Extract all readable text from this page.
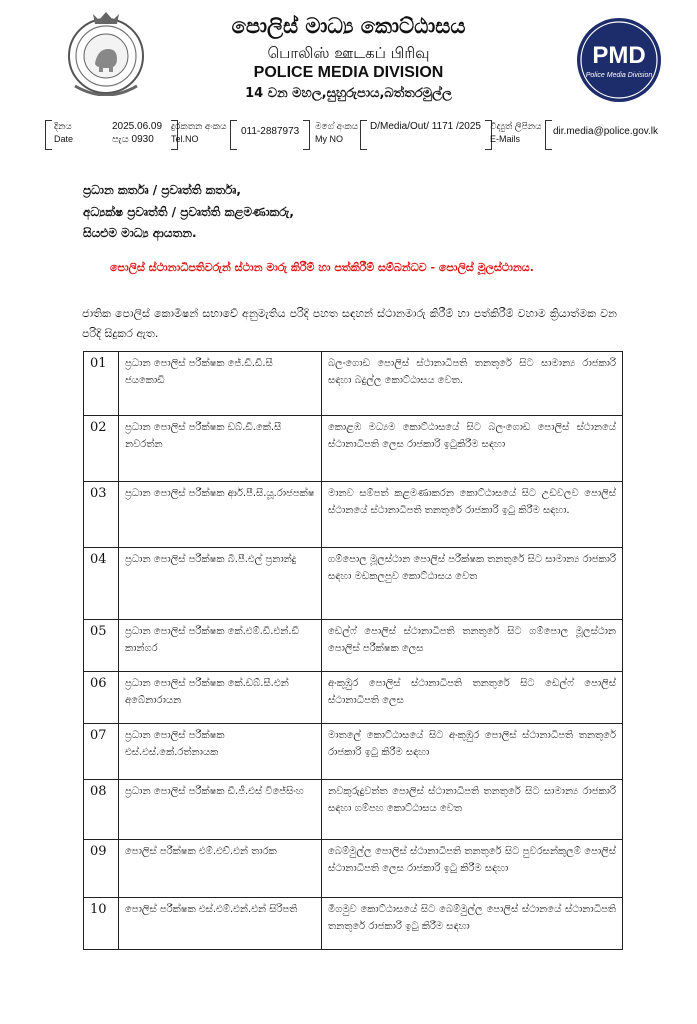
පොලිස් මාධ්‍ය කොට්ඨාසය
பொலிஸ் ஊடகப் பிரிவு
POLICE MEDIA DIVISION
14 වන මහල,සුහුරුපාය,බත්තරමුල්ල
PMD
Police Media Division
දිනය
Date
2025.06.09
පැය 0930
දුරකතන අංකය
Tel.NO
011-2887973 මගේ අංකය
My NO
D/Media/Out/ 1171 /2025 විද්‍යුත් ලිපිනය
E-Mails
dir.media@police.gov.lk
ප්‍රධාන කර්තෘ / ප්‍රවෘත්ති කර්තෘ,
අධ්‍යක්ෂ ප්‍රවෘත්ති / ප්‍රවෘත්ති කළමණාකරු,
සියළුම මාධ්‍ය ආයතන.
පොලිස් ස්ථානාධිපතිවරුන් ස්ථාන මාරු කිරීම් හා පත්කිරීම් සම්බන්ධව - පොලිස් මූලස්ථානය.
ජාතික පොලිස් කොමිෂන් සභාවේ අනුමැතිය පරිදි පහත සඳහන් ස්ථානමාරු කිරීම් හා පත්කිරීම් වහාම ක්‍රියාත්මක වන පරිදි සිදුකර ඇත.
01	ප්‍රධාන පොලිස් පරීක්ෂක ජේ.ඩී.ඩී.සී ජයකොඩි	බලංගොඩ පොලිස් ස්ථානාධිපති තනතුරේ සිට සාමාන්‍ය රාජකාරි සඳහා බදුල්ල කොට්ඨාසය වෙත.
02	ප්‍රධාන පොලිස් පරීක්ෂක ඩබ්.ඩී.කේ.සී නවරත්න	කොළඹ මධ්‍යම කොට්ඨාසයේ සිට බලංගොඩ පොලිස් ස්ථානයේ ස්ථානාධිපති ලෙස රාජකාරි ඉටුකිරීම සඳහා
03	ප්‍රධාන පොලිස් පරීක්ෂක ආර්.පී.සී.යූ.රාජපක්ෂ	මානව සම්පත් කළමණාකරන කොට්ඨාසයේ සිට උඩවලව පොලිස් ස්ථානයේ ස්ථානාධිපති තනතුරේ රාජකාරි ඉටු කිරීම සඳහා.
04	ප්‍රධාන පොලිස් පරීක්ෂක බී.පී.එල් ප්‍රනාන්දු	ගම්පොල මූලස්ථාන පොලිස් පරීක්ෂක තනතුරේ සිට සාමාන්‍ය රාජකාරි සඳහා මඩකලපුව කොට්ඨාසය වෙත
05	ප්‍රධාන පොලිස් පරීක්ෂක කේ.එම්.ඩී.එන්.ඩී කාන්ගර	ඩෙල්ෆ් පොලිස් ස්ථානාධිපති තනතුරේ සිට ගම්පොල මූලස්ථාන පොලිස් පරීක්ෂක ලෙස
06	ප්‍රධාන පොලිස් පරීක්ෂක කේ.ඩබ්.සී.එන් අබේනාරායන	අංකුඹුර පොලිස් ස්ථානාධිපති තනතුරේ සිට ඩෙල්ෆ් පොලිස් ස්ථානාධිපති ලෙස
07	ප්‍රධාන පොලිස් පරීක්ෂක එස්.එස්.කේ.රත්නායක	මාතලේ කොට්ඨාසයේ සිට අංකුඹුර පොලිස් ස්ථානාධිපති තනතුරේ රාජකාරි ඉටු කිරීම සඳහා
08	ප්‍රධාන පොලිස් පරීක්ෂක ඩී.ජී.එස් විජේසිංහ	නවකුරුදුවත්ත පොලිස් ස්ථානාධිපති තනතුරේ සිට සාමාන්‍ය රාජකාරි සඳහා ගම්පහ කොට්ඨාසය වෙත
09	පොලිස් පරීක්ෂක එම්.එච්.එන් තාරක	බෙම්මුල්ල පොලිස් ස්ථානාධිපති තනතුරේ සිට පුවරසන්කුලම් පොලිස් ස්ථානාධිපති ලෙස රාජකාරි ඉටු කිරීම සඳහා
10	පොලිස් පරීක්ෂක එස්.එම්.එන්.එන් සිරිපති	මීගමුව කොට්ඨාසයේ සිට බෙම්මුල්ල පොලිස් ස්ථානයේ ස්ථානාධිපති තනතුරේ රාජකාරි ඉටු කිරීම සඳහා
